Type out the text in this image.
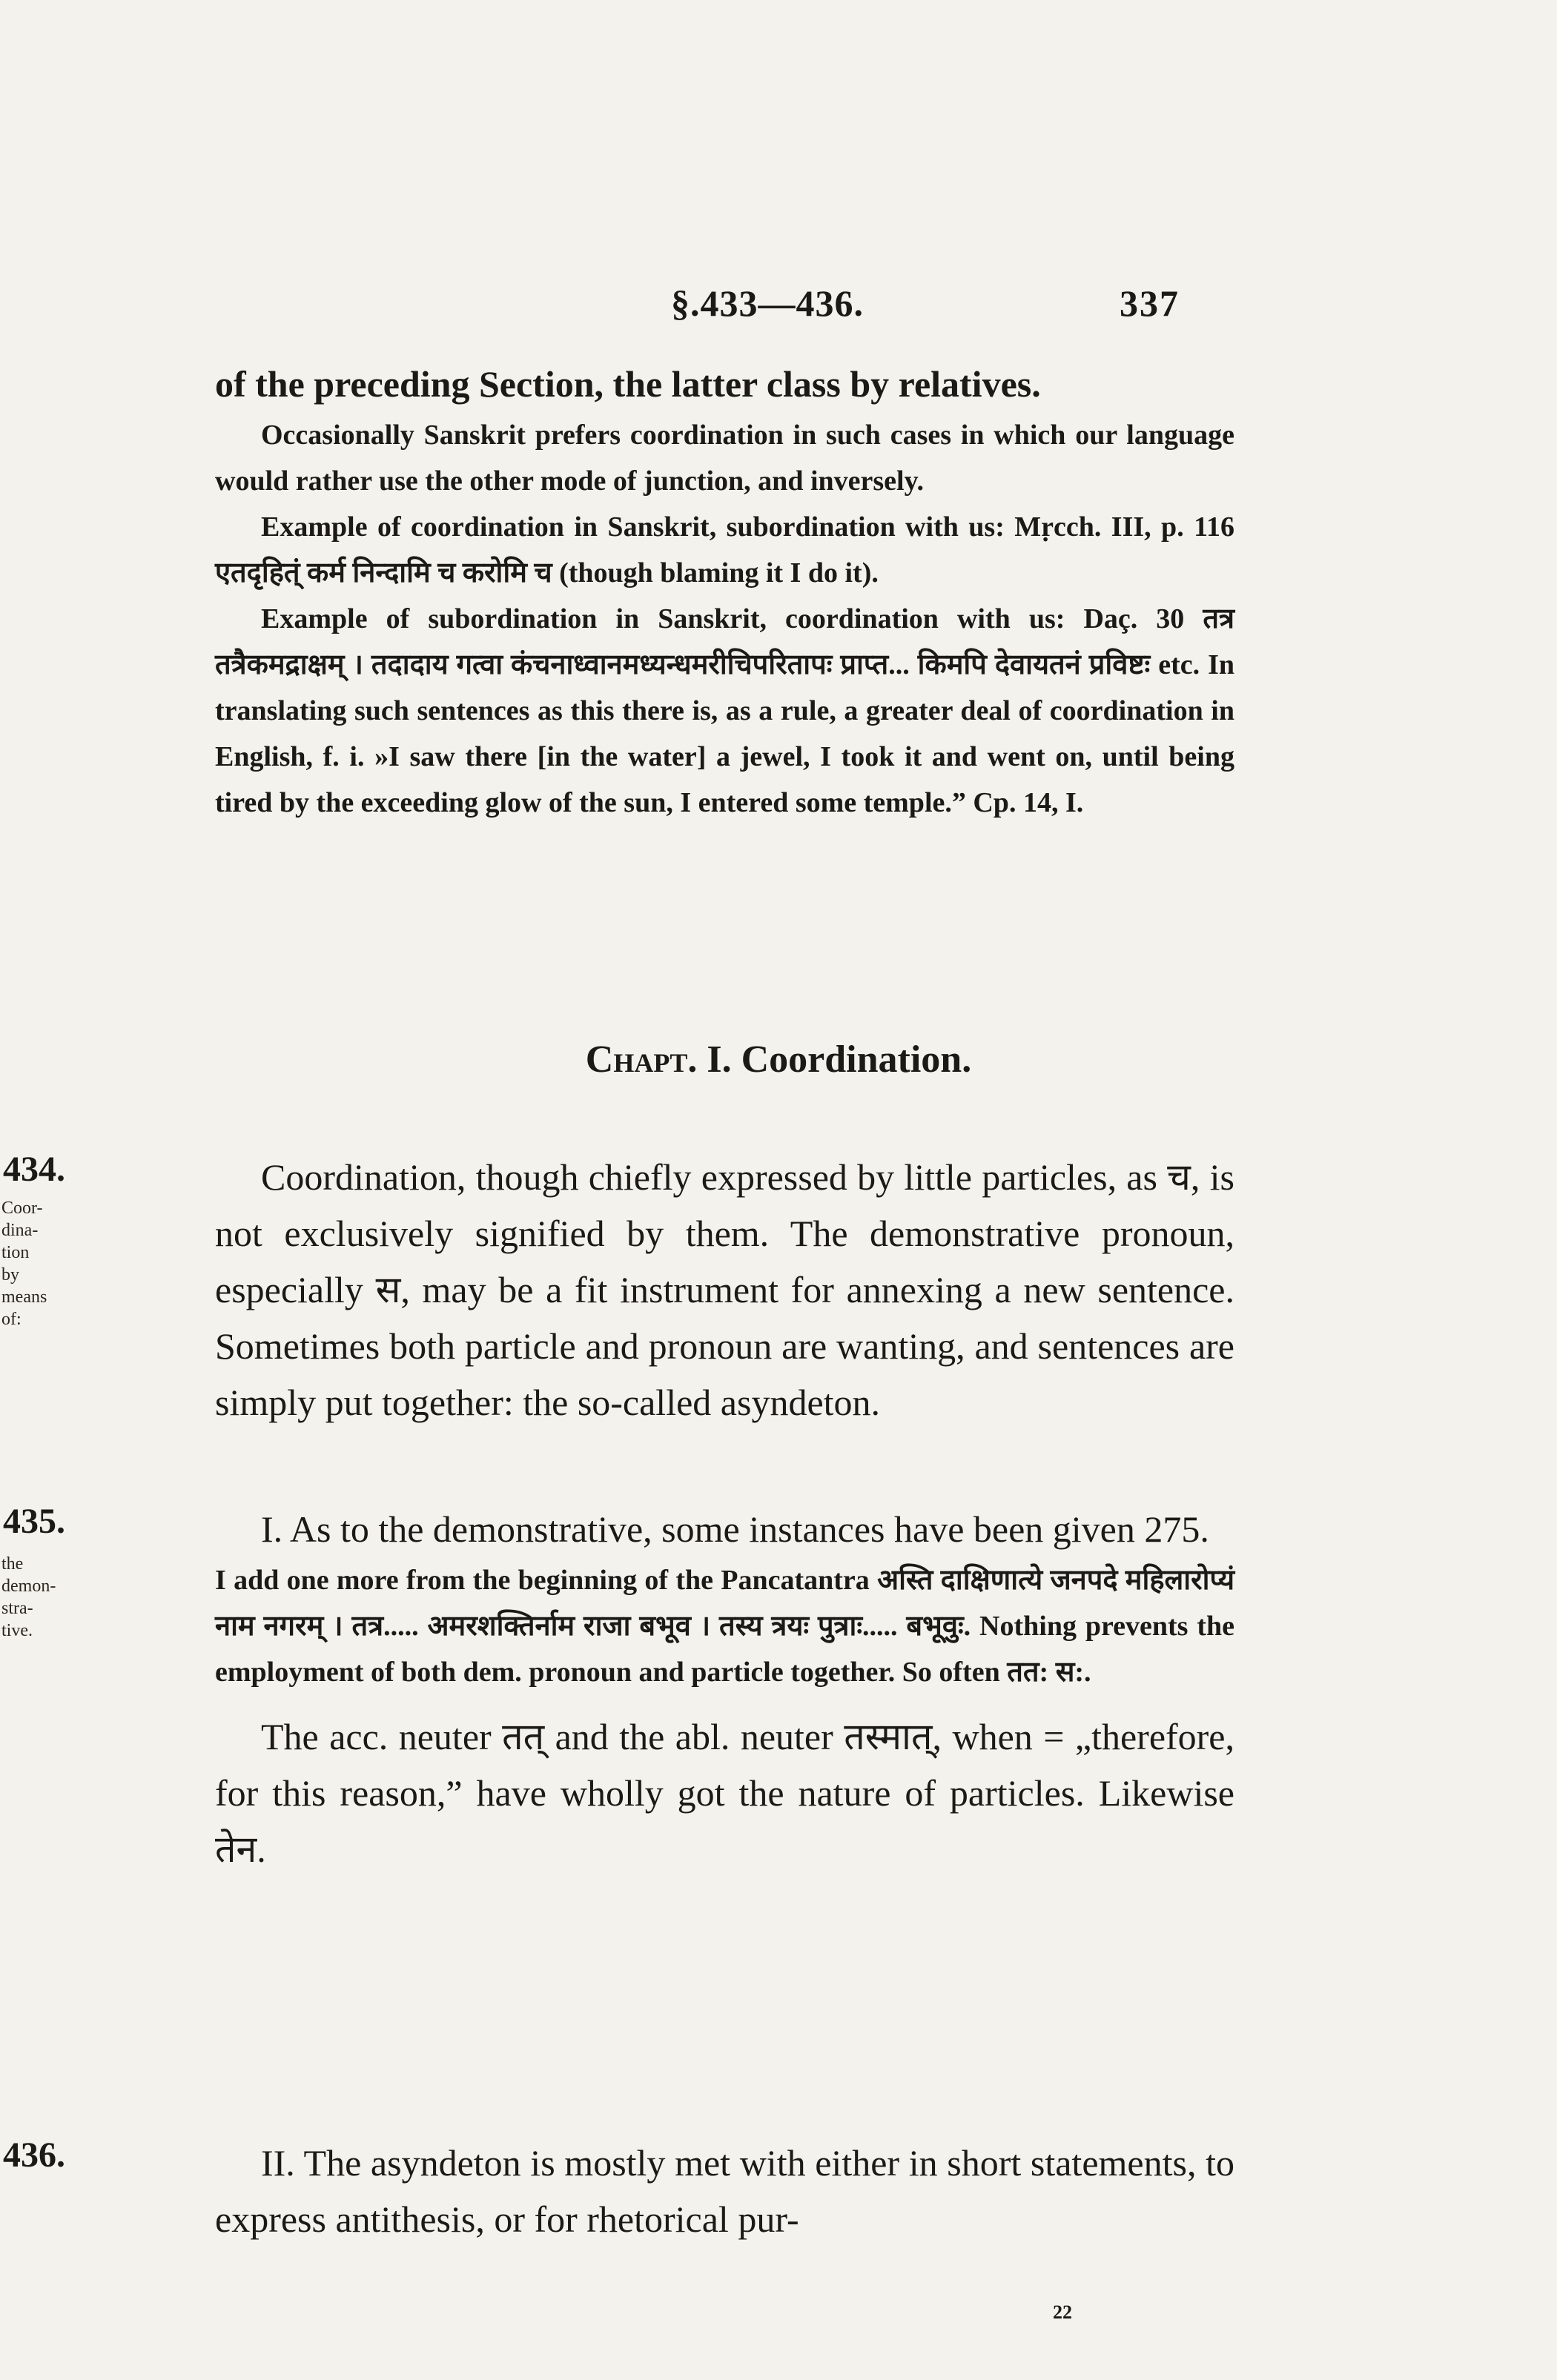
§.433—436.	337

of the preceding Section, the latter class by relatives.

Occasionally Sanskrit prefers coordination in such cases in which our language would rather use the other mode of junction, and inversely.

Example of coordination in Sanskrit, subordination with us: Mṛcch. III, p. 116 एतदृहित्ं कर्म निन्दामि च करोमि च (though blaming it I do it).

Example of subordination in Sanskrit, coordination with us: Daç. 30 तत्र तत्रैकमद्राक्षम् । तदादाय गत्वा कंचनाध्वानमध्यन्धमरीचिपरितापः प्राप्त... किमपि देवायतनं प्रविष्टः etc. In translating such sentences as this there is, as a rule, a greater deal of coordination in English, f. i. »I saw there [in the water] a jewel, I took it and went on, until being tired by the exceeding glow of the sun, I entered some temple.” Cp. 14, I.

Chapt. I. Coordination.
434.
Coor-
dina-
tion by
means
of:

Coordination, though chiefly expressed by little particles, as च, is not exclusively signified by them. The demonstrative pronoun, especially स, may be a fit instrument for annexing a new sentence. Sometimes both particle and pronoun are wanting, and sentences are simply put together: the so-called asyndeton.

435.
the
demon-
stra-
tive.

I. As to the demonstrative, some instances have been given 275.

I add one more from the beginning of the Pancatantra अस्ति दाक्षिणात्ये जनपदे महिलारोप्यं नाम नगरम् । तत्र..... अमरशक्तिर्नाम राजा बभूव । तस्य त्रयः पुत्राः..... बभूवुः. Nothing prevents the employment of both dem. pronoun and particle together. So often तत: स:.

The acc. neuter तत् and the abl. neuter तस्मात्, when = „therefore, for this reason,” have wholly got the nature of particles. Likewise तेन.

436.	II. The asyndeton is mostly met with either in short statements, to express antithesis, or for rhetorical pur-

22
